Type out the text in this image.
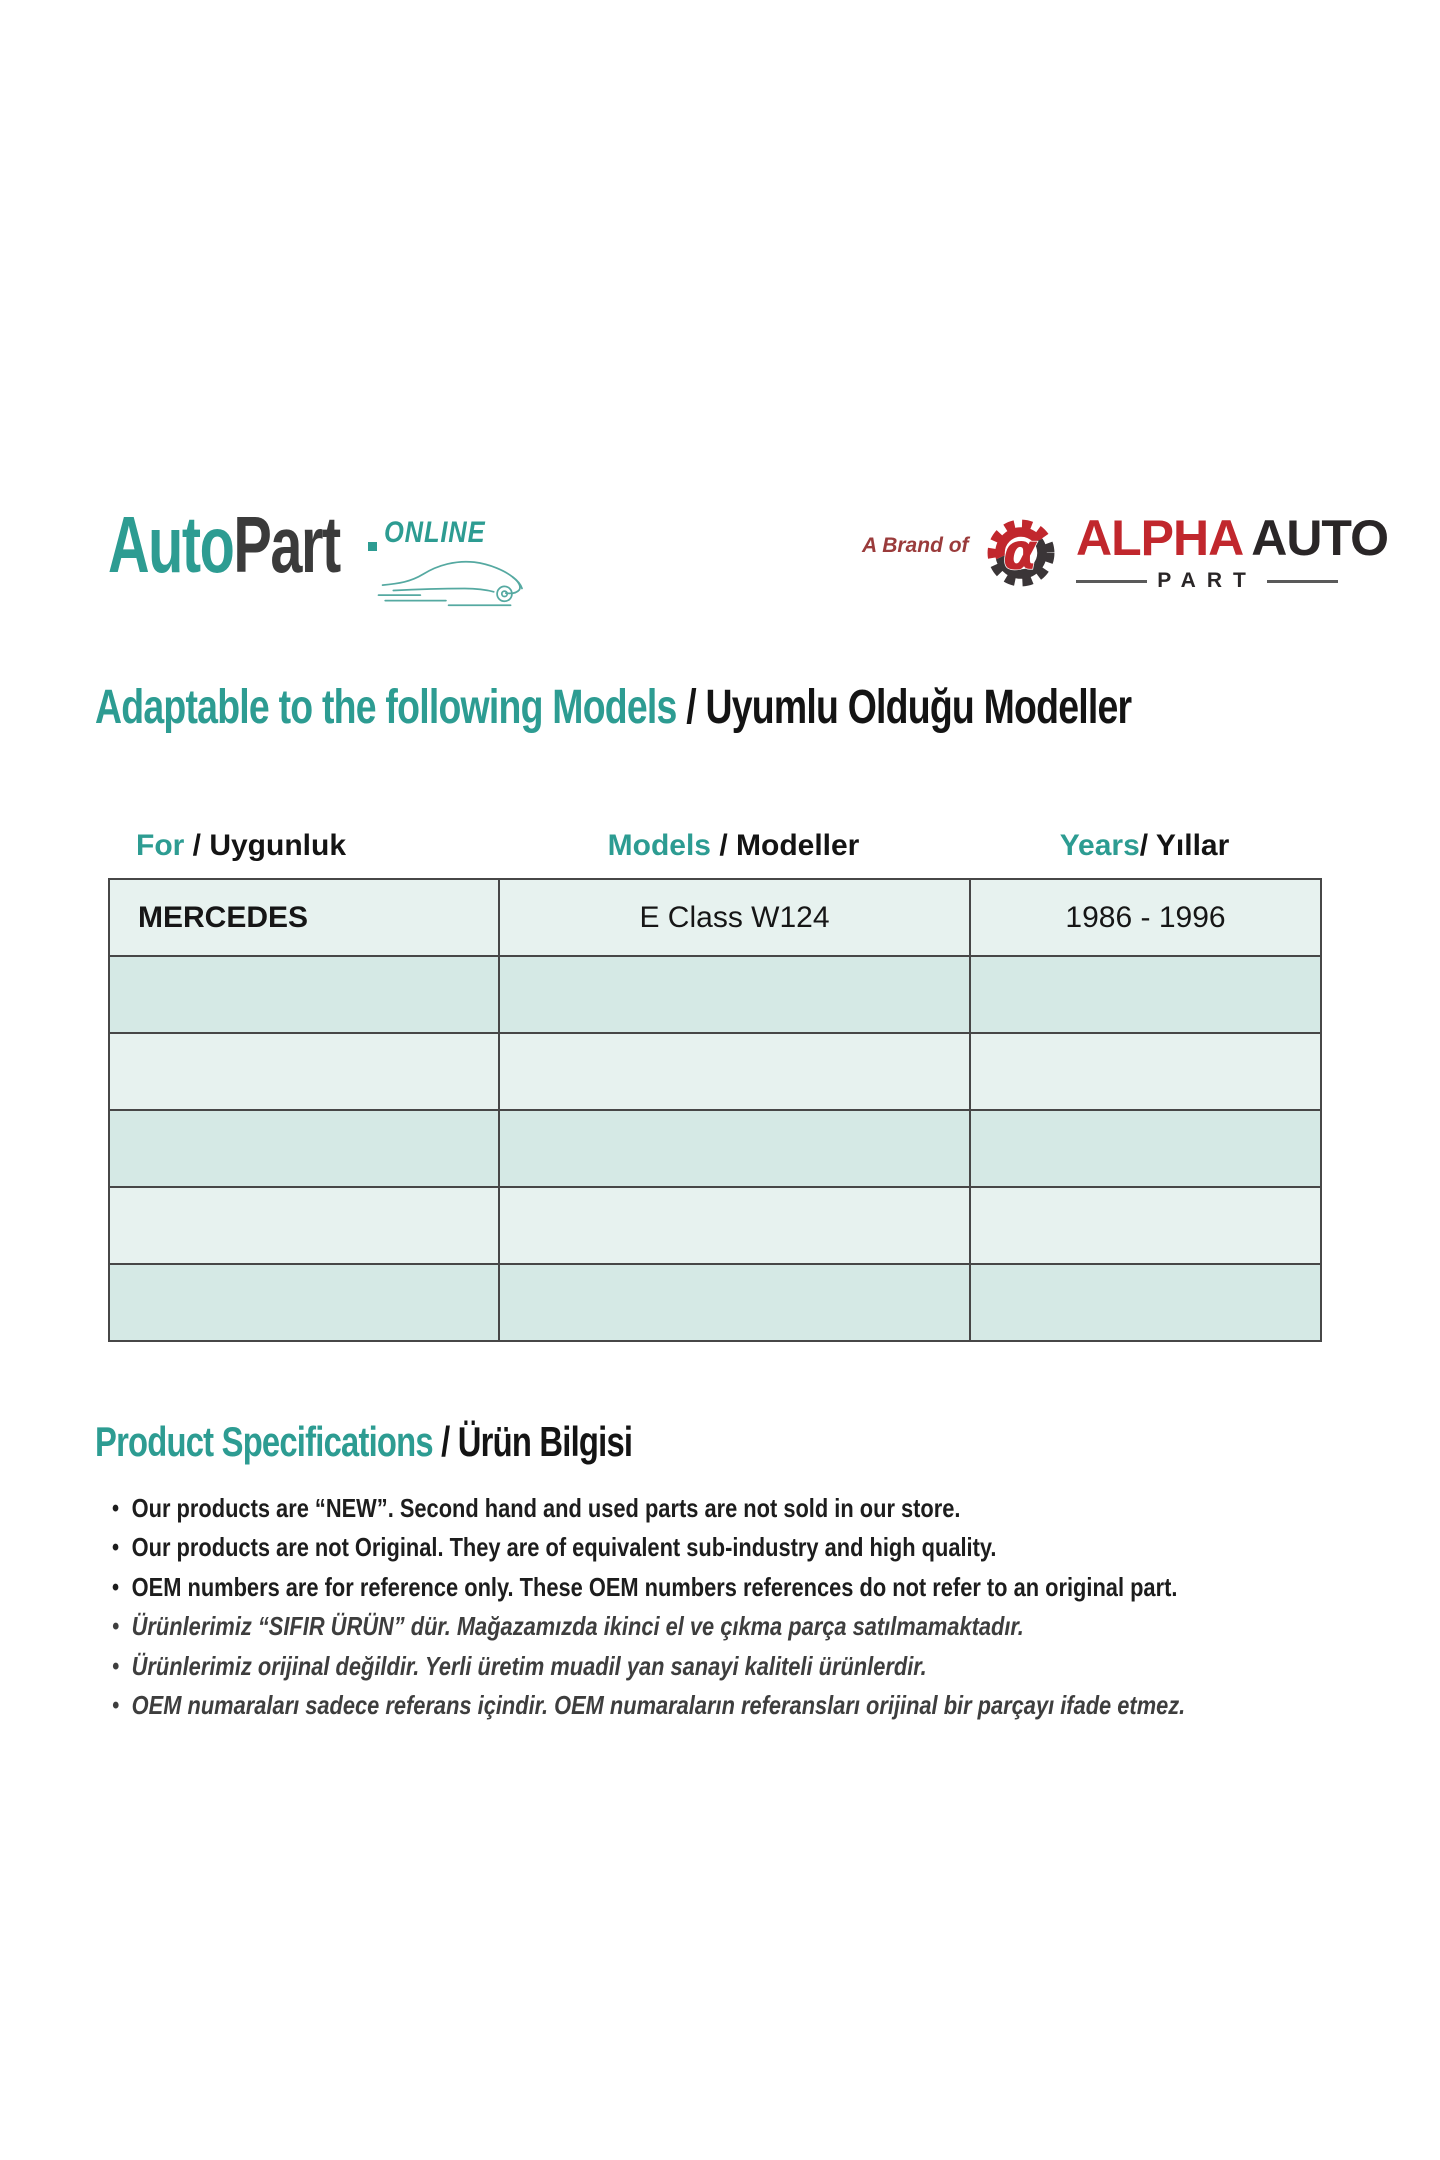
AutoPart ONLINE	A Brand of α ALPHA AUTO
PART
Adaptable to the following Models / Uyumlu Olduğu Modeller
For / Uygunluk	Models / Modeller	Years/ Yıllar
MERCEDES	E Class W124	1986 - 1996

Product Specifications / Ürün Bilgisi
• Our products are “NEW”. Second hand and used parts are not sold in our store.
• Our products are not Original. They are of equivalent sub-industry and high quality.
• OEM numbers are for reference only. These OEM numbers references do not refer to an original part.
• Ürünlerimiz “SIFIR ÜRÜN” dür. Mağazamızda ikinci el ve çıkma parça satılmamaktadır.
• Ürünlerimiz orijinal değildir. Yerli üretim muadil yan sanayi kaliteli ürünlerdir.
• OEM numaraları sadece referans içindir. OEM numaraların referansları orijinal bir parçayı ifade etmez.
